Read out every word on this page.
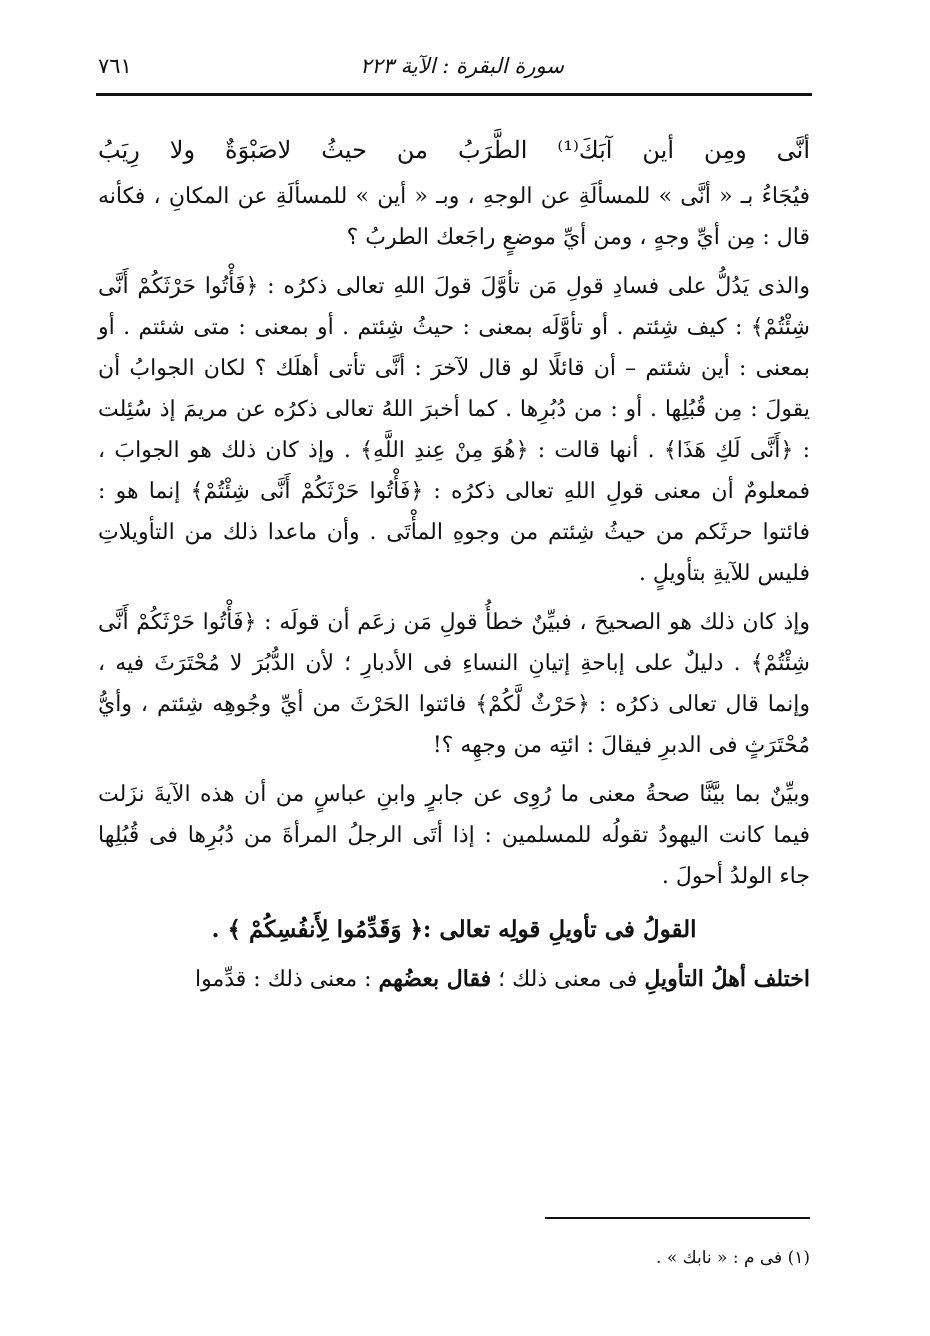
سورة البقرة : الآية ٢٢٣
٧٦١

أنَّى ومِن أين آبَكَ⁽¹⁾ الطَّرَبُ من حيثُ لاصَبْوَةٌ ولا رِيَبُ

فيُجَاءُ بـ « أنَّى » للمسألَةِ عن الوجهِ ، وبـ « أين » للمسألَةِ عن المكانِ ، فكأنه قال : مِن أيِّ وجهٍ ، ومن أيِّ موضعٍ راجَعك الطربُ ؟

والذى يَدُلُّ على فسادِ قولِ مَن تأوَّلَ قولَ اللهِ تعالى ذكرُه : ﴿فَأْتُوا حَرْثَكُمْ أَنَّى شِئْتُمْ﴾ : كيف شِئتم . أو تأوَّلَه بمعنى : حيثُ شِئتم . أو بمعنى : متى شئتم . أو بمعنى : أين شئتم – أن قائلًا لو قال لآخرَ : أنَّى تأتى أهلَك ؟ لكان الجوابُ أن يقولَ : مِن قُبُلِها . أو : من دُبُرِها . كما أخبرَ اللهُ تعالى ذكرُه عن مريمَ إذ سُئِلت : ﴿أَنَّى لَكِ هَذَا﴾ . أنها قالت : ﴿هُوَ مِنْ عِندِ اللَّهِ﴾ . وإذ كان ذلك هو الجوابَ ، فمعلومٌ أن معنى قولِ اللهِ تعالى ذكرُه : ﴿فَأْتُوا حَرْثَكُمْ أَنَّى شِئْتُمْ﴾ إنما هو : فائتوا حرثَكم من حيثُ شِئتم من وجوهِ المأْتَى . وأن ماعدا ذلك من التأويلاتِ فليس للآيةِ بتأويلٍ .

وإذ كان ذلك هو الصحيحَ ، فبيِّنٌ خطأُ قولِ مَن زعَم أن قولَه : ﴿فَأْتُوا حَرْثَكُمْ أَنَّى شِئْتُمْ﴾ . دليلٌ على إباحةِ إتيانِ النساءِ فى الأدبارِ ؛ لأن الدُّبُرَ لا مُحْتَرَثَ فيه ، وإنما قال تعالى ذكرُه : ﴿حَرْثٌ لَّكُمْ﴾ فائتوا الحَرْثَ من أيِّ وجُوهِه شِئتم ، وأيُّ مُحْتَرَثٍ فى الدبرِ فيقالَ : ائتِه من وجهِه ؟!

وبيِّنٌ بما بيَّنَّا صحةُ معنى ما رُوِى عن جابرٍ وابنِ عباسٍ من أن هذه الآيةَ نزَلت فيما كانت اليهودُ تقولُه للمسلمين : إذا أتَى الرجلُ المرأةَ من دُبُرِها فى قُبُلِها جاء الولدُ أحولَ .

القولُ فى تأويلِ قولِه تعالى :﴿ وَقَدِّمُوا لِأَنفُسِكُمْ ﴾ .

اختلف أهلُ التأويلِ فى معنى ذلك ؛ فقال بعضُهم : معنى ذلك : قدِّموا

(١) فى م : « نابك » .
